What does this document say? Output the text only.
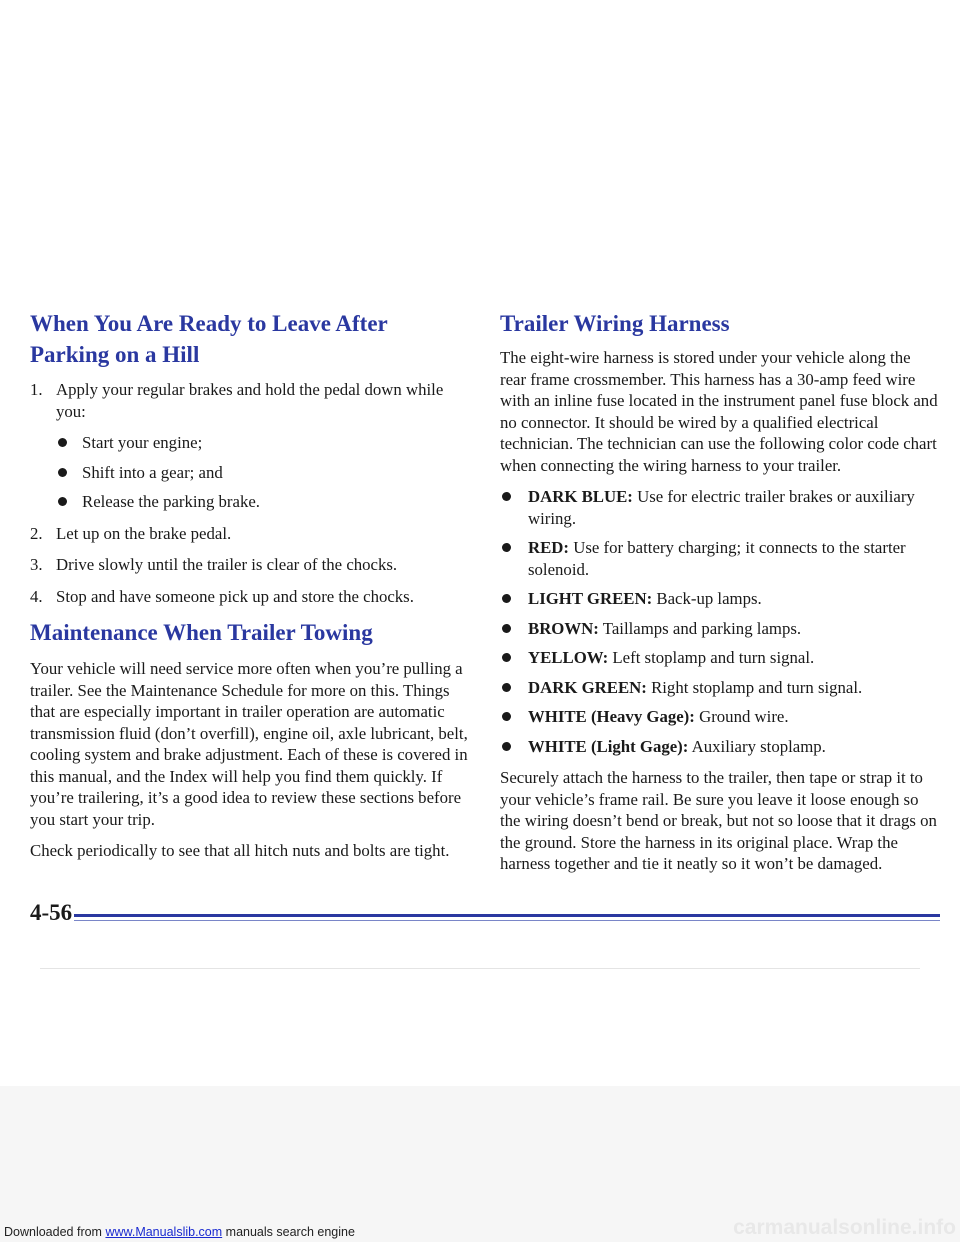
When You Are Ready to Leave After Parking on a Hill
1. Apply your regular brakes and hold the pedal down while you:
Start your engine;
Shift into a gear; and
Release the parking brake.
2. Let up on the brake pedal.
3. Drive slowly until the trailer is clear of the chocks.
4. Stop and have someone pick up and store the chocks.
Maintenance When Trailer Towing

Your vehicle will need service more often when you’re pulling a trailer. See the Maintenance Schedule for more on this. Things that are especially important in trailer operation are automatic transmission fluid (don’t overfill), engine oil, axle lubricant, belt, cooling system and brake adjustment. Each of these is covered in this manual, and the Index will help you find them quickly. If you’re trailering, it’s a good idea to review these sections before you start your trip.

Check periodically to see that all hitch nuts and bolts are tight.

Trailer Wiring Harness

The eight-wire harness is stored under your vehicle along the rear frame crossmember. This harness has a 30-amp feed wire with an inline fuse located in the instrument panel fuse block and no connector. It should be wired by a qualified electrical technician. The technician can use the following color code chart when connecting the wiring harness to your trailer.

DARK BLUE: Use for electric trailer brakes or auxiliary wiring.
RED: Use for battery charging; it connects to the starter solenoid.
LIGHT GREEN: Back-up lamps.
BROWN: Taillamps and parking lamps.
YELLOW: Left stoplamp and turn signal.
DARK GREEN: Right stoplamp and turn signal.
WHITE (Heavy Gage): Ground wire.
WHITE (Light Gage): Auxiliary stoplamp.

Securely attach the harness to the trailer, then tape or strap it to your vehicle’s frame rail. Be sure you leave it loose enough so the wiring doesn’t bend or break, but not so loose that it drags on the ground. Store the harness in its original place. Wrap the harness together and tie it neatly so it won’t be damaged.

4-56
Downloaded from www.Manualslib.com manuals search engine	carmanualsonline.info
